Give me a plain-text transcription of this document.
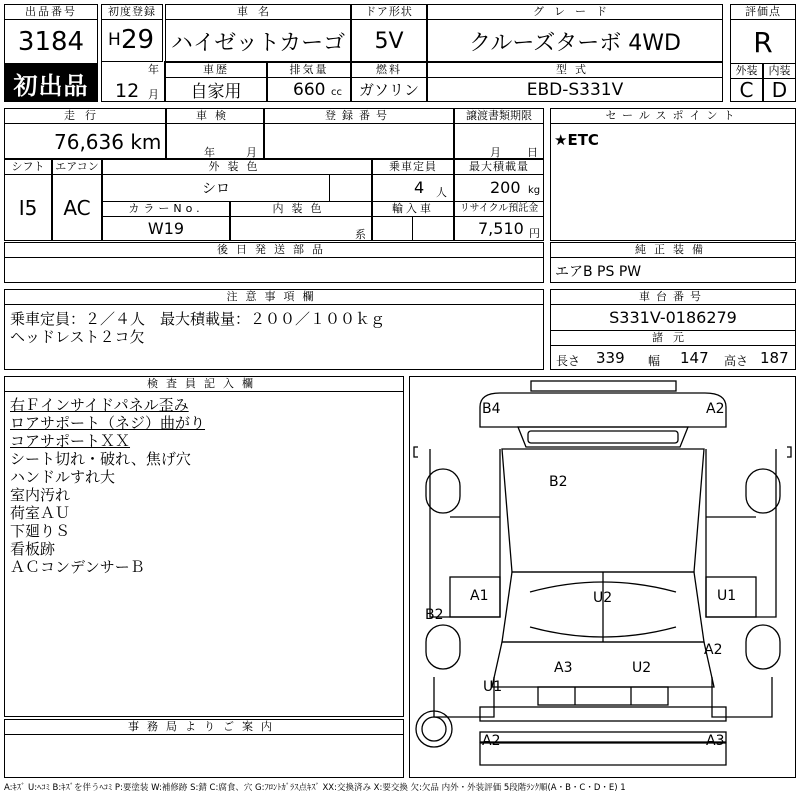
出品番号
3184
初出品
初度登録
H 29
年
車名
ハイゼットカーゴ
ドア形状
5V
グレード
クルーズターボ 4WD
評価点
R
12 月
車歴
自家用
排気量
660 cc
燃料
ガソリン
型式
EBD-S331V
外装	内装
C D
走行
76,636 km
車検
年	月
登録番号	譲渡書類期限
月 日
セールスポイント
★ETC
シフト
I5
エアコン
AC
外装色
シロ
乗車定員
4 人
最大積載量
200 kg
カラーNo.
W19
内装色
系
輸入車	リサイクル預託金
7,510 円
後日発送部品	純正装備
エアB PS PW
注意事項欄

乗車定員：２／４人　最大積載量：２００／１００ｋｇ

ヘッドレスト２コ欠

車台番号
S331V-0186279
諸元
長さ 339 幅 147 高さ 187
検査員記入欄

右Ｆインサイドパネル歪み

ロアサポート（ネジ）曲がり

コアサポートＸＸ

シート切れ・破れ、焦げ穴

ハンドルすれ大

室内汚れ

荷室ＡＵ

下廻りＳ

看板跡

ＡＣコンデンサーＢ

事務局よりご案内
B4	A2
B2
A1	U2	U1
B2
A2
A3	U2
U1
A2	A3
A:ｷｽﾞ U:ﾍｺﾐ B:ｷｽﾞを伴うﾍｺﾐ P:要塗装 W:補修跡 S:錆 C:腐食、穴 G:ﾌﾛﾝﾄｶﾞﾗｽ点ｷｽﾞ XX:交換済み X:要交換 欠:欠品 内外・外装評価 5段階ﾗﾝｸ順(A・B・C・D・E) 1
